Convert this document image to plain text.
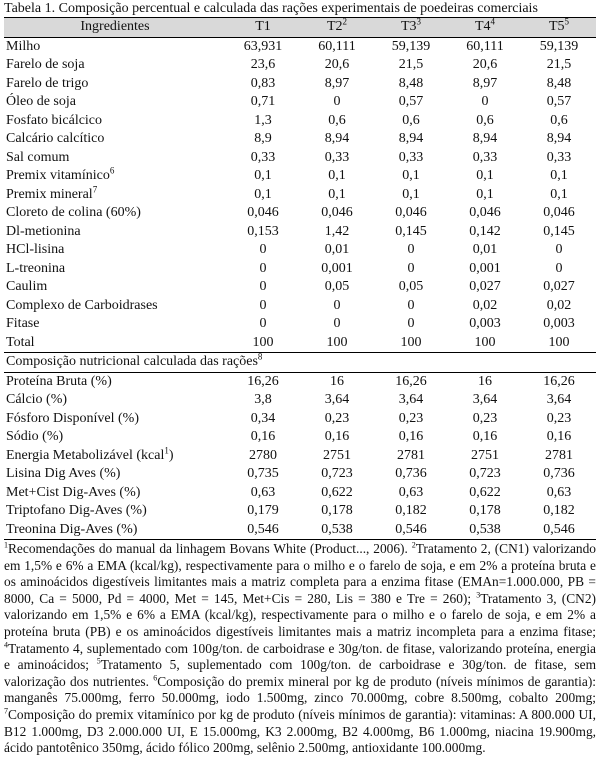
Tabela 1. Composição percentual e calculada das rações experimentais de poedeiras comerciais
Ingredientes	T1	$T2^2$	$T3^3$	$T4^4$	$T5^5$
Milho	63,931	60,111	59,139	60,111	59,139
Farelo de soja	23,6	20,6	21,5	20,6	21,5
Farelo de trigo	0,83	8,97	8,48	8,97	8,48
Óleo de soja	0,71	0	0,57	0	0,57
Fosfato bicálcico	1,3	0,6	0,6	0,6	0,6
Calcário calcítico	8,9	8,94	8,94	8,94	8,94
Sal comum	0,33	0,33	0,33	0,33	0,33
Premix vitamínico$^6$	0,1	0,1	0,1	0,1	0,1
Premix mineral$^7$	0,1	0,1	0,1	0,1	0,1
Cloreto de colina (60%)	0,046	0,046	0,046	0,046	0,046
Dl-metionina	0,153	1,42	0,145	0,142	0,145
HCl-lisina	0	0,01	0	0,01	0
L-treonina	0	0,001	0	0,001	0
Caulim	0	0,05	0,05	0,027	0,027
Complexo de Carboidrases	0	0	0	0,02	0,02
Fitase	0	0	0	0,003	0,003
Total	100	100	100	100	100
Composição nutricional calculada das rações$^8$
Proteína Bruta (%)	16,26	16	16,26	16	16,26
Cálcio (%)	3,8	3,64	3,64	3,64	3,64
Fósforo Disponível (%)	0,34	0,23	0,23	0,23	0,23
Sódio (%)	0,16	0,16	0,16	0,16	0,16
Energia Metabolizável (kcal$^1$)	2780	2751	2781	2751	2781
Lisina Dig Aves (%)	0,735	0,723	0,736	0,723	0,736
Met+Cist Dig-Aves (%)	0,63	0,622	0,63	0,622	0,63
Triptofano Dig-Aves (%)	0,179	0,178	0,182	0,178	0,182
Treonina Dig-Aves (%)	0,546	0,538	0,546	0,538	0,546
$^1$Recomendações do manual da linhagem Bovans White (Product..., 2006). $^2$Tratamento 2, (CN1) valorizando em 1,5% e 6% a EMA (kcal/kg), respectivamente para o milho e o farelo de soja, e em 2% a proteína bruta e os aminoácidos digestíveis limitantes mais a matriz completa para a enzima fitase (EMAn=1.000.000, PB = 8000, Ca = 5000, Pd = 4000, Met = 145, Met+Cis = 280, Lis = 380 e Tre = 260); $^3$Tratamento 3, (CN2) valorizando em 1,5% e 6% a EMA (kcal/kg), respectivamente para o milho e o farelo de soja, e em 2% a proteína bruta (PB) e os aminoácidos digestíveis limitantes mais a matriz incompleta para a enzima fitase; $^4$Tratamento 4, suplementado com 100g/ton. de carboidrase e 30g/ton. de fitase, valorizando proteína, energia e aminoácidos; $^5$Tratamento 5, suplementado com 100g/ton. de carboidrase e 30g/ton. de fitase, sem valorização dos nutrientes. $^6$Composição do premix mineral por kg de produto (níveis mínimos de garantia): manganês 75.000mg, ferro 50.000mg, iodo 1.500mg, zinco 70.000mg, cobre 8.500mg, cobalto 200mg; $^7$Composição do premix vitamínico por kg de produto (níveis mínimos de garantia): vitaminas: A 800.000 UI, B12 1.000mg, D3 2.000.000 UI, E 15.000mg, K3 2.000mg, B2 4.000mg, B6 1.000mg, niacina 19.900mg, ácido pantotênico 350mg, ácido fólico 200mg, selênio 2.500mg, antioxidante 100.000mg.
